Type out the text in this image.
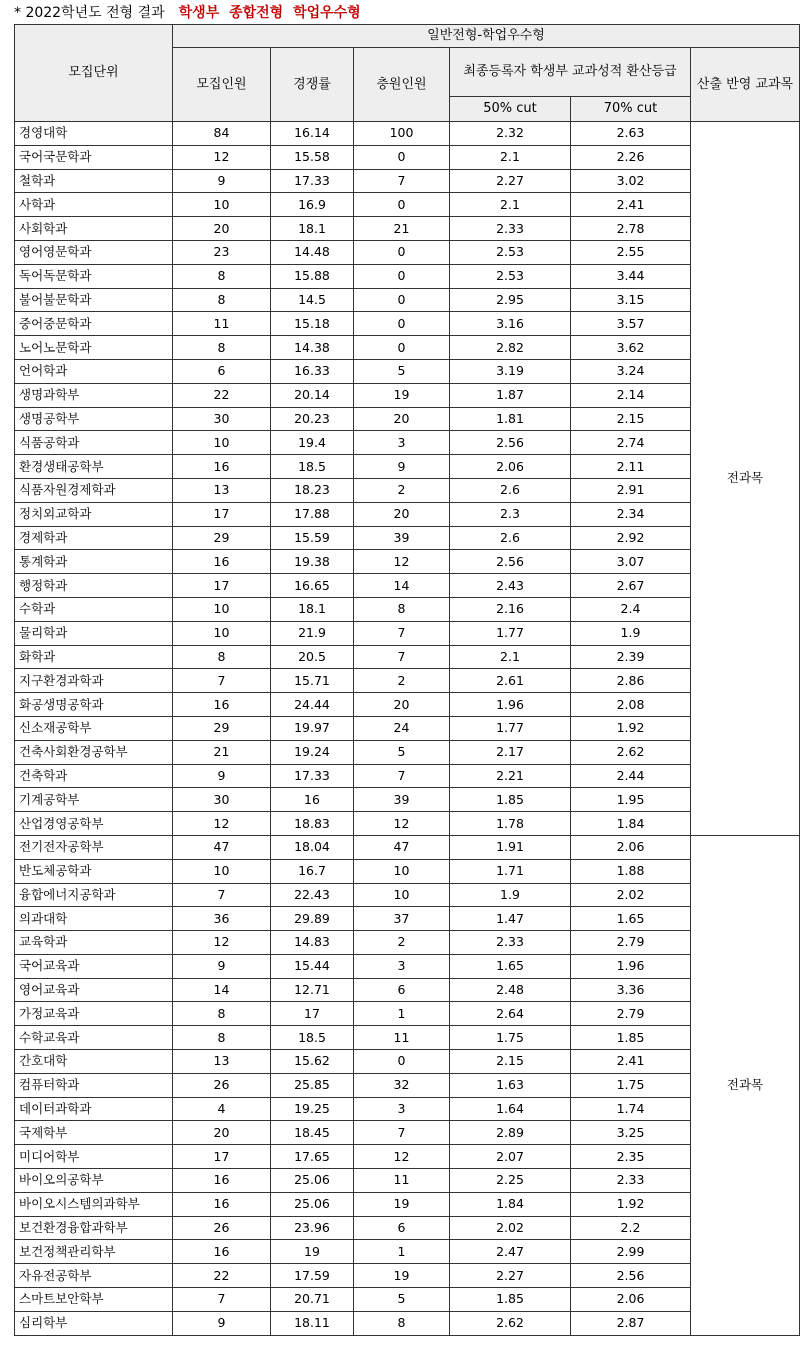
* 2022학년도 전형 결과 학생부 종합전형 학업우수형
모집단위	일반전형-학업우수형					
	모집인원	경쟁률	충원인원	최종등록자 학생부 교과성적 환산등급		산출 반영 교과목
				50% cut	70% cut	
경영대학	84	16.14	100	2.32	2.63	전과목
국어국문학과	12	15.58	0	2.1	2.26	
철학과	9	17.33	7	2.27	3.02	
사학과	10	16.9	0	2.1	2.41	
사회학과	20	18.1	21	2.33	2.78	
영어영문학과	23	14.48	0	2.53	2.55	
독어독문학과	8	15.88	0	2.53	3.44	
불어불문학과	8	14.5	0	2.95	3.15	
중어중문학과	11	15.18	0	3.16	3.57	
노어노문학과	8	14.38	0	2.82	3.62	
언어학과	6	16.33	5	3.19	3.24	
생명과학부	22	20.14	19	1.87	2.14	
생명공학부	30	20.23	20	1.81	2.15	
식품공학과	10	19.4	3	2.56	2.74	
환경생태공학부	16	18.5	9	2.06	2.11	
식품자원경제학과	13	18.23	2	2.6	2.91	
정치외교학과	17	17.88	20	2.3	2.34	
경제학과	29	15.59	39	2.6	2.92	
통계학과	16	19.38	12	2.56	3.07	
행정학과	17	16.65	14	2.43	2.67	
수학과	10	18.1	8	2.16	2.4	
물리학과	10	21.9	7	1.77	1.9	
화학과	8	20.5	7	2.1	2.39	
지구환경과학과	7	15.71	2	2.61	2.86	
화공생명공학과	16	24.44	20	1.96	2.08	
신소재공학부	29	19.97	24	1.77	1.92	
건축사회환경공학부	21	19.24	5	2.17	2.62	
건축학과	9	17.33	7	2.21	2.44	
기계공학부	30	16	39	1.85	1.95	
산업경영공학부	12	18.83	12	1.78	1.84	
전기전자공학부	47	18.04	47	1.91	2.06	전과목
반도체공학과	10	16.7	10	1.71	1.88	
융합에너지공학과	7	22.43	10	1.9	2.02	
의과대학	36	29.89	37	1.47	1.65	
교육학과	12	14.83	2	2.33	2.79	
국어교육과	9	15.44	3	1.65	1.96	
영어교육과	14	12.71	6	2.48	3.36	
가정교육과	8	17	1	2.64	2.79	
수학교육과	8	18.5	11	1.75	1.85	
간호대학	13	15.62	0	2.15	2.41	
컴퓨터학과	26	25.85	32	1.63	1.75	
데이터과학과	4	19.25	3	1.64	1.74	
국제학부	20	18.45	7	2.89	3.25	
미디어학부	17	17.65	12	2.07	2.35	
바이오의공학부	16	25.06	11	2.25	2.33	
바이오시스템의과학부	16	25.06	19	1.84	1.92	
보건환경융합과학부	26	23.96	6	2.02	2.2	
보건정책관리학부	16	19	1	2.47	2.99	
자유전공학부	22	17.59	19	2.27	2.56	
스마트보안학부	7	20.71	5	1.85	2.06	
심리학부	9	18.11	8	2.62	2.87	
